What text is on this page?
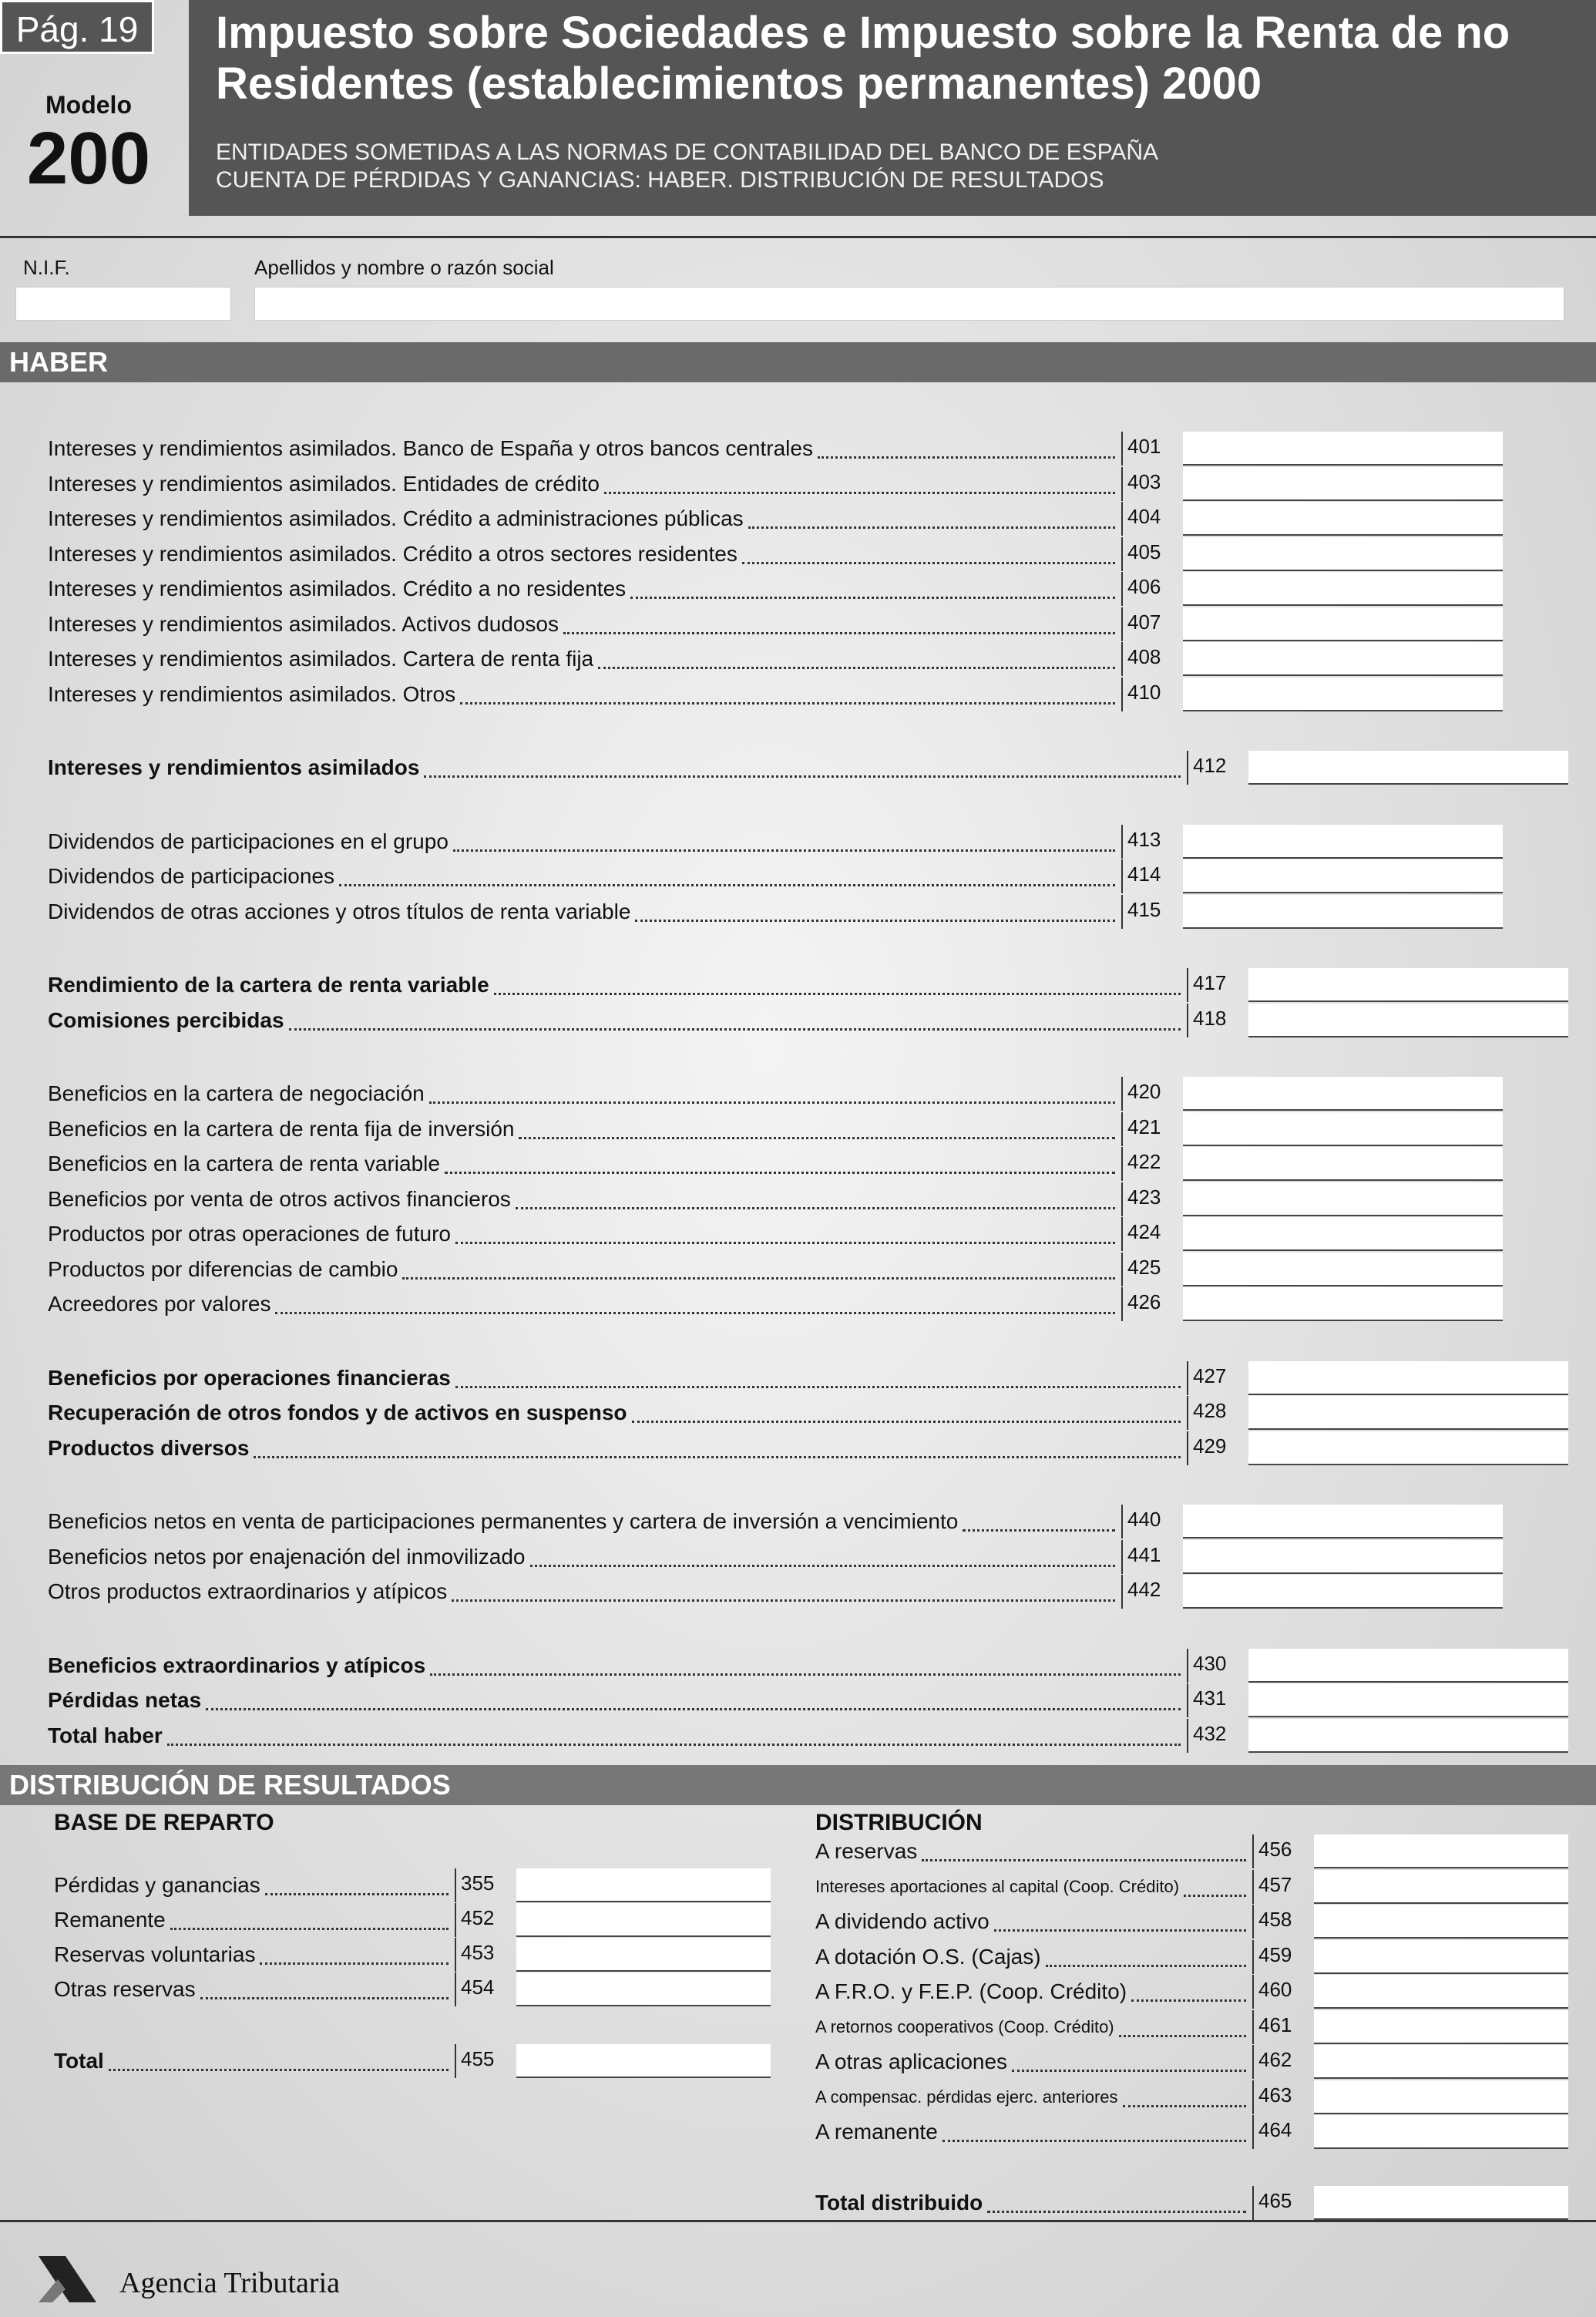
Pág. 19
Modelo
200
Impuesto sobre Sociedades e Impuesto sobre la Renta de no
Residentes (establecimientos permanentes) 2000
ENTIDADES SOMETIDAS A LAS NORMAS DE CONTABILIDAD DEL BANCO DE ESPAÑA
CUENTA DE PÉRDIDAS Y GANANCIAS: HABER. DISTRIBUCIÓN DE RESULTADOS
N.I.F.	Apellidos y nombre o razón social
HABER
Intereses y rendimientos asimilados. Banco de España y otros bancos centrales	401
Intereses y rendimientos asimilados. Entidades de crédito	403
Intereses y rendimientos asimilados. Crédito a administraciones públicas	404
Intereses y rendimientos asimilados. Crédito a otros sectores residentes	405
Intereses y rendimientos asimilados. Crédito a no residentes	406
Intereses y rendimientos asimilados. Activos dudosos	407
Intereses y rendimientos asimilados. Cartera de renta fija	408
Intereses y rendimientos asimilados. Otros	410
Intereses y rendimientos asimilados	412
Dividendos de participaciones en el grupo	413
Dividendos de participaciones	414
Dividendos de otras acciones y otros títulos de renta variable	415
Rendimiento de la cartera de renta variable	417
Comisiones percibidas	418
Beneficios en la cartera de negociación	420
Beneficios en la cartera de renta fija de inversión	421
Beneficios en la cartera de renta variable	422
Beneficios por venta de otros activos financieros	423
Productos por otras operaciones de futuro	424
Productos por diferencias de cambio	425
Acreedores por valores	426
Beneficios por operaciones financieras	427
Recuperación de otros fondos y de activos en suspenso	428
Productos diversos	429
Beneficios netos en venta de participaciones permanentes y cartera de inversión a vencimiento	440
Beneficios netos por enajenación del inmovilizado	441
Otros productos extraordinarios y atípicos	442
Beneficios extraordinarios y atípicos	430
Pérdidas netas	431
Total haber	432
DISTRIBUCIÓN DE RESULTADOS
BASE DE REPARTO	DISTRIBUCIÓN
Pérdidas y ganancias	355
Remanente	452
Reservas voluntarias	453
Otras reservas	454
Total	455
A reservas	456
Intereses aportaciones al capital (Coop. Crédito)	457
A dividendo activo	458
A dotación O.S. (Cajas)	459
A F.R.O. y F.E.P. (Coop. Crédito)	460
A retornos cooperativos (Coop. Crédito)	461
A otras aplicaciones	462
A compensac. pérdidas ejerc. anteriores	463
A remanente	464
Total distribuido	465
Agencia Tributaria
